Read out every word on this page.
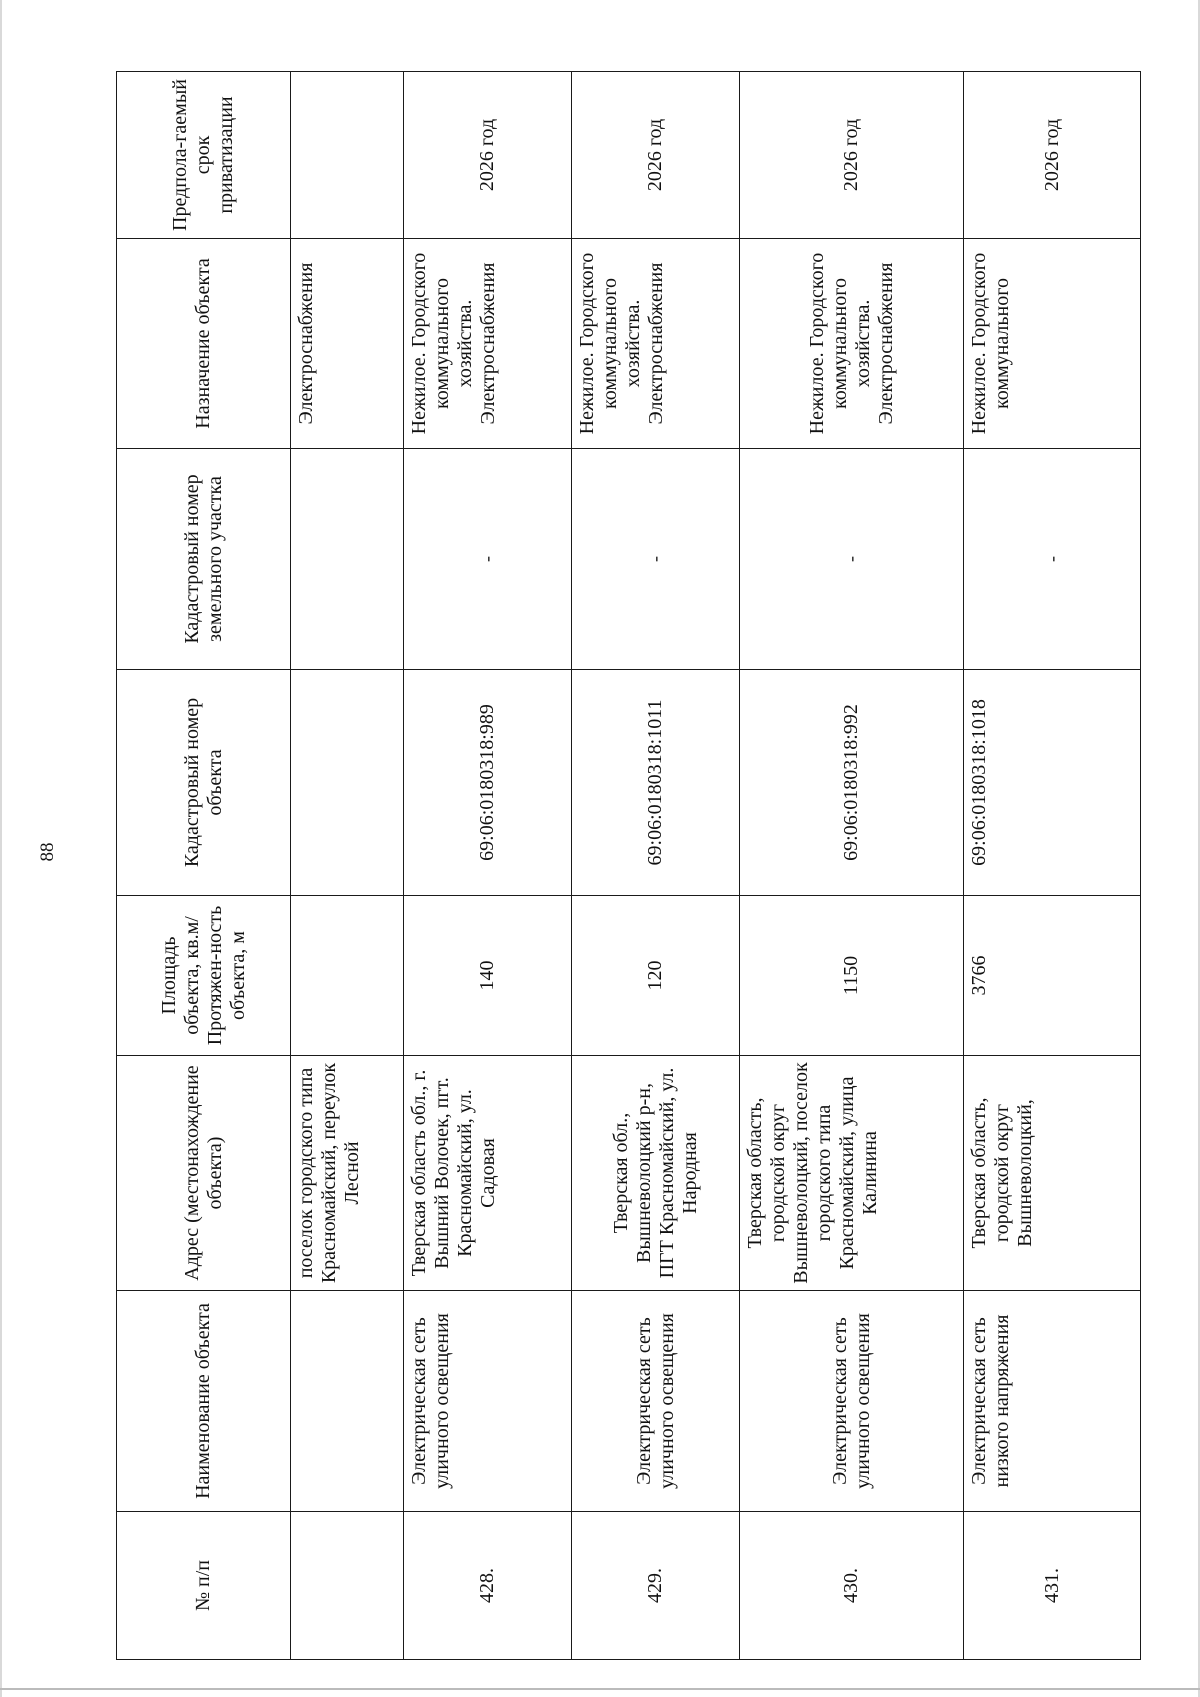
88
№ п/п	Наименование объекта	Адрес (местонахождение объекта)	Площадь объекта, кв.м/ Протяжен-ность объекта, м	Кадастровый номер объекта	Кадастровый номер земельного участка	Назначение объекта	Предпола-гаемый срок приватизации
		поселок городского типа Красномайский, переулок Лесной				Электроснабжения	
428.	Электрическая сеть уличного освещения	Тверская область обл., г. Вышний Волочек, пгт. Красномайский, ул. Садовая	140	69:06:0180318:989	-	Нежилое. Городского коммунального хозяйства. Электроснабжения	2026 год
429.	Электрическая сеть уличного освещения	Тверская обл., Вышневолоцкий р-н, ПГТ Красномайский, ул. Народная	120	69:06:0180318:1011	-	Нежилое. Городского коммунального хозяйства. Электроснабжения	2026 год
430.	Электрическая сеть уличного освещения	Тверская область, городской округ Вышневолоцкий, поселок городского типа Красномайский, улица Калинина	1150	69:06:0180318:992	-	Нежилое. Городского коммунального хозяйства. Электроснабжения	2026 год
431.	Электрическая сеть низкого напряжения	Тверская область, городской округ Вышневолоцкий,	3766	69:06:0180318:1018	-	Нежилое. Городского коммунального	2026 год
